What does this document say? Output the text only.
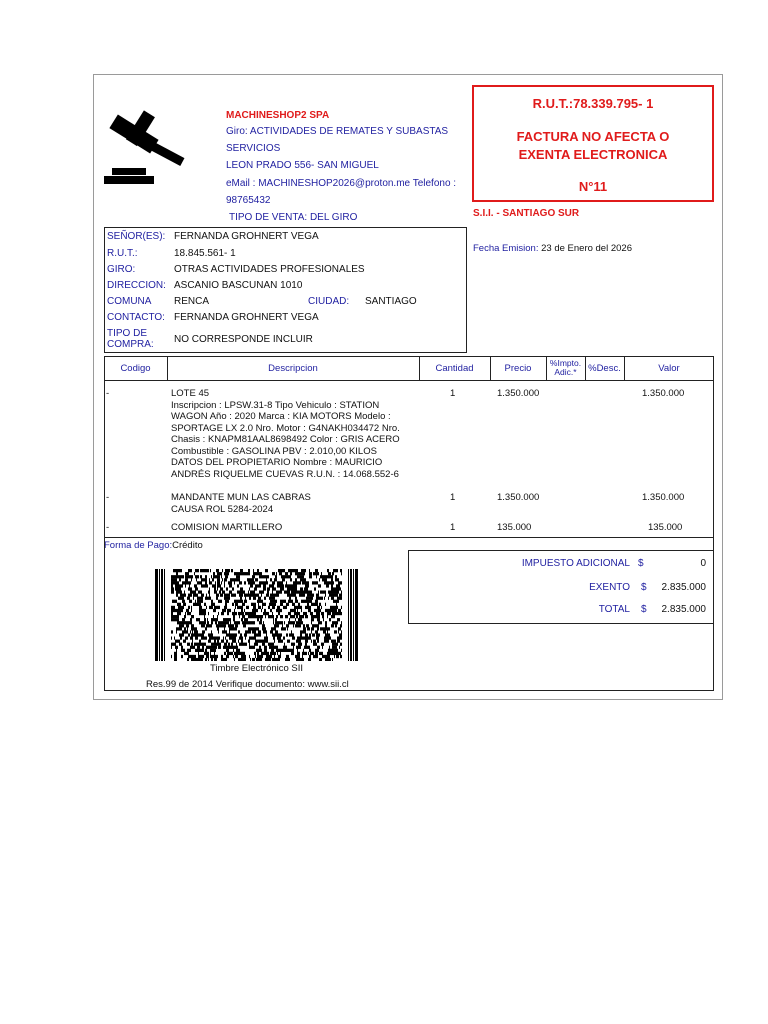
MACHINESHOP2 SPA
Giro: ACTIVIDADES DE REMATES Y SUBASTAS
SERVICIOS
LEON PRADO 556- SAN MIGUEL
eMail : MACHINESHOP2026@proton.me Telefono :
98765432
TIPO DE VENTA: DEL GIRO
R.U.T.:78.339.795- 1
FACTURA NO AFECTA O
EXENTA ELECTRONICA
N°11
S.I.I. - SANTIAGO SUR
SEÑOR(ES): FERNANDA GROHNERT VEGA
R.U.T.:	18.845.561- 1
GIRO:	OTRAS ACTIVIDADES PROFESIONALES
DIRECCION: ASCANIO BASCUNAN 1010
COMUNA RENCA	CIUDAD: SANTIAGO
CONTACTO: FERNANDA GROHNERT VEGA
TIPO DE
COMPRA: NO CORRESPONDE INCLUIR
Fecha Emision: 23 de Enero del 2026
Codigo	Descripcion	Cantidad	Precio	%Impto.
Adic.*	%Desc.	Valor
-	LOTE 45
Inscripcion : LPSW.31-8 Tipo Vehiculo : STATION
WAGON Año : 2020 Marca : KIA MOTORS Modelo :
SPORTAGE LX 2.0 Nro. Motor : G4NAKH034472 Nro.
Chasis : KNAPM81AAL8698492 Color : GRIS ACERO
Combustible : GASOLINA PBV : 2.010,00 KILOS
DATOS DEL PROPIETARIO Nombre : MAURICIO
ANDRÉS RIQUELME CUEVAS R.U.N. : 14.068.552-6
1	1.350.000	1.350.000
-	MANDANTE MUN LAS CABRAS
CAUSA ROL 5284-2024
1	1.350.000	1.350.000
-	COMISION MARTILLERO	1	135.000	135.000
Forma de Pago:Crédito
IMPUESTO ADICIONAL $	0
EXENTO $	2.835.000
TOTAL $	2.835.000
Timbre Electrónico SII
Res.99 de 2014 Verifique documento: www.sii.cl
